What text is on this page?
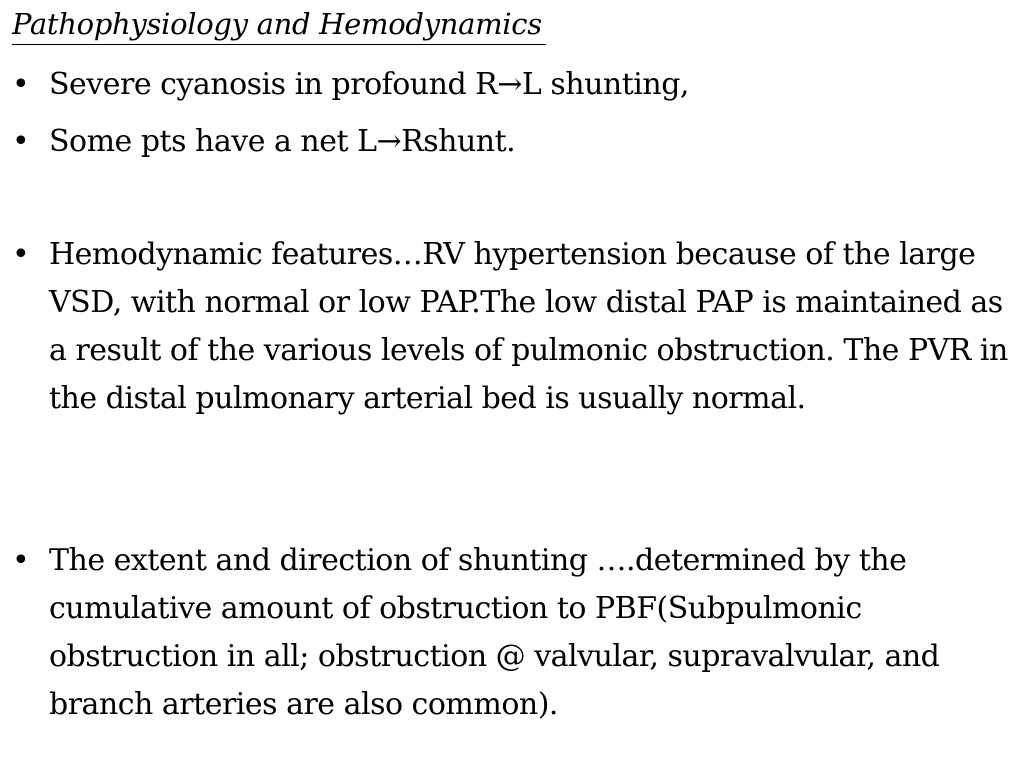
Pathophysiology and Hemodynamics
• Severe cyanosis in profound R→L shunting,
• Some pts have a net L→Rshunt.
• Hemodynamic features…RV hypertension because of the large VSD, with normal or low PAP.The low distal PAP is maintained as a result of the various levels of pulmonic obstruction. The PVR in the distal pulmonary arterial bed is usually normal.
• The extent and direction of shunting ….determined by the cumulative amount of obstruction to PBF(Subpulmonic obstruction in all; obstruction @ valvular, supravalvular, and branch arteries are also common).
